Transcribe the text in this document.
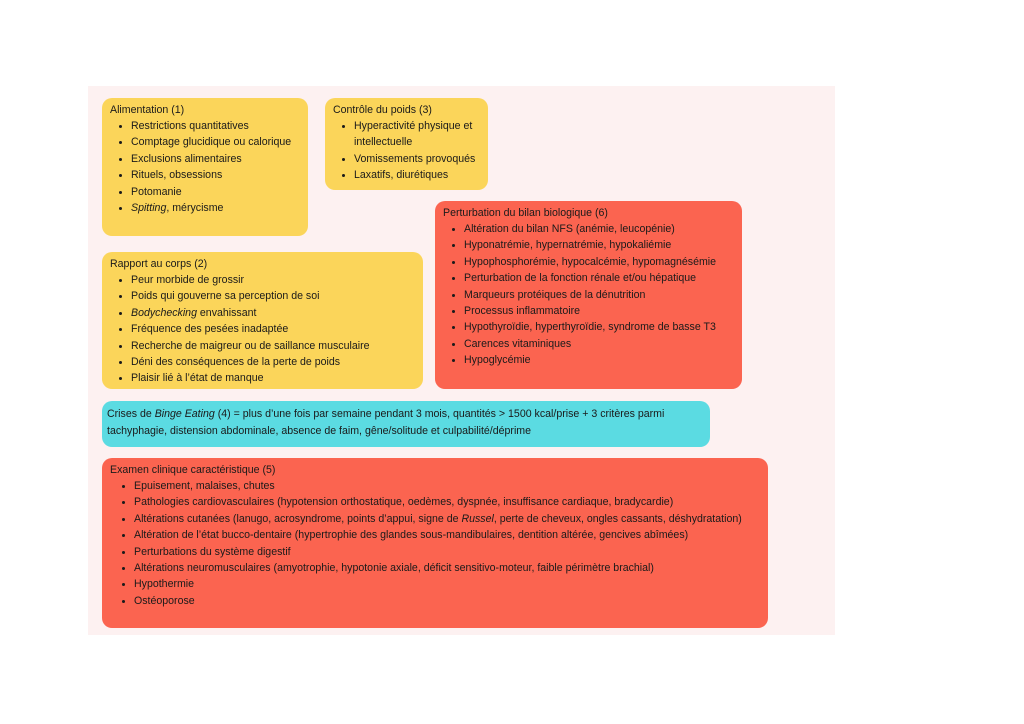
Alimentation (1)

• Restrictions quantitatives
• Comptage glucidique ou calorique
• Exclusions alimentaires
• Rituels, obsessions
• Potomanie
• Spitting, mérycisme

Contrôle du poids (3)

• Hyperactivité physique et intellectuelle
• Vomissements provoqués
• Laxatifs, diurétiques

Perturbation du bilan biologique (6)

• Altération du bilan NFS (anémie, leucopénie)
• Hyponatrémie, hypernatrémie, hypokaliémie
• Hypophosphorémie, hypocalcémie, hypomagnésémie
• Perturbation de la fonction rénale et/ou hépatique
• Marqueurs protéiques de la dénutrition
• Processus inflammatoire
• Hypothyroïdie, hyperthyroïdie, syndrome de basse T3
• Carences vitaminiques
• Hypoglycémie

Rapport au corps (2)

• Peur morbide de grossir
• Poids qui gouverne sa perception de soi
• Bodychecking envahissant
• Fréquence des pesées inadaptée
• Recherche de maigreur ou de saillance musculaire
• Déni des conséquences de la perte de poids
• Plaisir lié à l’état de manque

Crises de Binge Eating (4) = plus d’une fois par semaine pendant 3 mois, quantités > 1500 kcal/prise + 3 critères parmi tachyphagie, distension abdominale, absence de faim, gêne/solitude et culpabilité/déprime

Examen clinique caractéristique (5)

• Epuisement, malaises, chutes
• Pathologies cardiovasculaires (hypotension orthostatique, oedèmes, dyspnée, insuffisance cardiaque, bradycardie)
• Altérations cutanées (lanugo, acrosyndrome, points d’appui, signe de Russel, perte de cheveux, ongles cassants, déshydratation)
• Altération de l’état bucco-dentaire (hypertrophie des glandes sous-mandibulaires, dentition altérée, gencives abîmées)
• Perturbations du système digestif
• Altérations neuromusculaires (amyotrophie, hypotonie axiale, déficit sensitivo-moteur, faible périmètre brachial)
• Hypothermie
• Ostéoporose
